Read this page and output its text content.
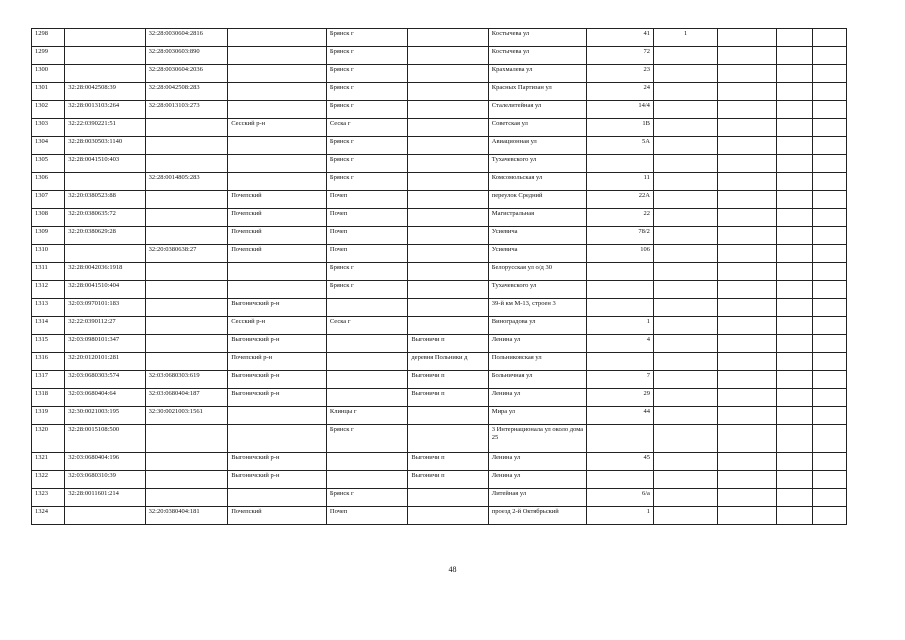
1298		32:28:0030604:2816		Брянск г		Костычева ул	41	1			
1299		32:28:0030603:890		Брянск г		Костычева ул	72				
1300		32:28:0030604:2036		Брянск г		Крахмалева ул	23				
1301	32:28:0042508:39	32:28:0042508:283		Брянск г		Красных Партизан ул	24				
1302	32:28:0013103:264	32:28:0013103:273		Брянск г		Сталелитейная ул	14/4				
1303	32:22:0390221:51		Сесский р-н	Сеска г		Советская ул	1В				
1304	32:28:0030503:1140			Брянск г		Авиационная ул	5А				
1305	32:28:0041510:403			Брянск г		Тухачевского ул					
1306		32:28:0014805:283		Брянск г		Комсомольская ул	11				
1307	32:20:0380523:88		Почепский	Почеп		переулок Средний	22А				
1308	32:20:0380635:72		Почепский	Почеп		Магистральная	22				
1309	32:20:0380629:28		Почепский	Почеп		Усиевича	78/2				
1310		32:20:0380638:27	Почепский	Почеп		Усиевича	106				
1311	32:28:0042036:1918			Брянск г		Белорусская ул о/д 30					
1312	32:28:0041510:404			Брянск г		Тухачевского ул					
1313	32:03:0970101:183		Выгоничский р-н			39-й км М-13, строен 3					
1314	32:22:0390112:27		Сесский р-н	Сеска г		Виноградова ул	1				
1315	32:03:0980101:347		Выгоничский р-н		Выгоничи п	Ленина ул	4				
1316	32:20:0120101:281		Почепский р-н		деревня Польники д	Польниковская ул					
1317	32:03:0680303:574	32:03:0680303:619	Выгоничский р-н		Выгоничи п	Больничная ул	7				
1318	32:03:0680404:64	32:03:0680404:187	Выгоничский р-н		Выгоничи п	Ленина ул	29				
1319	32:30:0021003:195	32:30:0021003:1561		Клинцы г		Мира ул	44				
1320	32:28:0015108:500			Брянск г		3 Интернационала ул около дома 25					
1321	32:03:0680404:196		Выгоничский р-н		Выгоничи п	Ленина ул	45				
1322	32:03:0680310:39		Выгоничский р-н		Выгоничи п	Ленина ул					
1323	32:28:0011601:214			Брянск г		Литейная ул	6/а				
1324		32:20:0380404:181	Почепский	Почеп		проезд 2-й Октябрьский	1				
48
